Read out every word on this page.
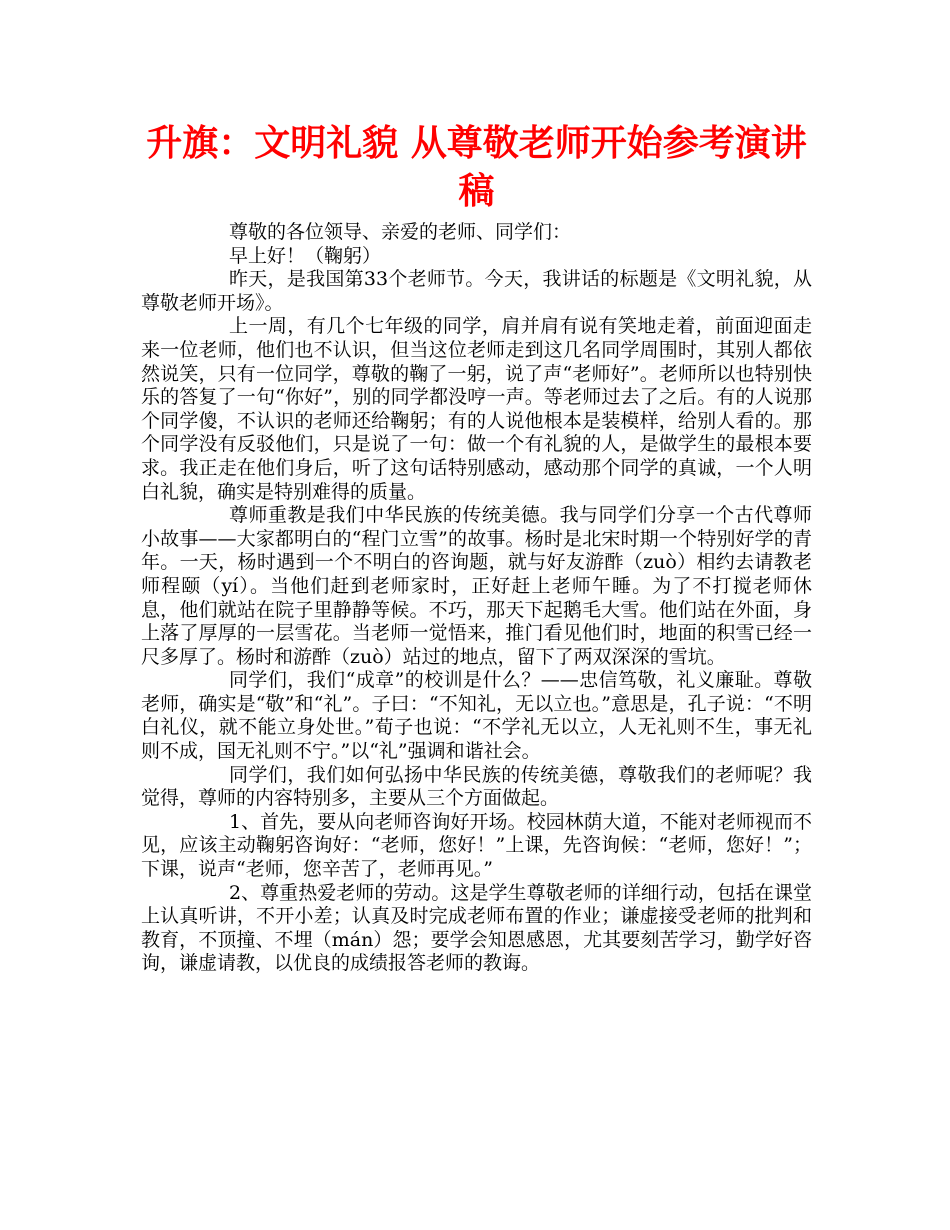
升旗：文明礼貌 从尊敬老师开始参考演讲稿

尊敬的各位领导、亲爱的老师、同学们：

早上好！（鞠躬）

昨天，是我国第33个老师节。今天，我讲话的标题是《文明礼貌，从尊敬老师开场》。

上一周，有几个七年级的同学，肩并肩有说有笑地走着，前面迎面走来一位老师，他们也不认识，但当这位老师走到这几名同学周围时，其别人都依然说笑，只有一位同学，尊敬的鞠了一躬，说了声“老师好”。老师所以也特别快乐的答复了一句“你好”，别的同学都没哼一声。等老师过去了之后。有的人说那个同学傻，不认识的老师还给鞠躬；有的人说他根本是装模样，给别人看的。那个同学没有反驳他们，只是说了一句：做一个有礼貌的人，是做学生的最根本要求。我正走在他们身后，听了这句话特别感动，感动那个同学的真诚，一个人明白礼貌，确实是特别难得的质量。

尊师重教是我们中华民族的传统美德。我与同学们分享一个古代尊师小故事——大家都明白的“程门立雪”的故事。杨时是北宋时期一个特别好学的青年。一天，杨时遇到一个不明白的咨询题，就与好友游酢（zuò）相约去请教老师程颐（yí）。当他们赶到老师家时，正好赶上老师午睡。为了不打搅老师休息，他们就站在院子里静静等候。不巧，那天下起鹅毛大雪。他们站在外面，身上落了厚厚的一层雪花。当老师一觉悟来，推门看见他们时，地面的积雪已经一尺多厚了。杨时和游酢（zuò）站过的地点，留下了两双深深的雪坑。

同学们，我们“成章”的校训是什么？——忠信笃敬，礼义廉耻。尊敬老师，确实是“敬”和“礼”。子曰：“不知礼，无以立也。”意思是，孔子说：“不明白礼仪，就不能立身处世。”荀子也说：“不学礼无以立，人无礼则不生，事无礼则不成，国无礼则不宁。”以“礼”强调和谐社会。

同学们，我们如何弘扬中华民族的传统美德，尊敬我们的老师呢？我觉得，尊师的内容特别多，主要从三个方面做起。

1、首先，要从向老师咨询好开场。校园林荫大道，不能对老师视而不见，应该主动鞠躬咨询好：“老师，您好！”上课，先咨询候：“老师，您好！”；下课，说声“老师，您辛苦了，老师再见。”

2、尊重热爱老师的劳动。这是学生尊敬老师的详细行动，包括在课堂上认真听讲，不开小差；认真及时完成老师布置的作业；谦虚接受老师的批判和教育，不顶撞、不埋（mán）怨；要学会知恩感恩，尤其要刻苦学习，勤学好咨询，谦虚请教，以优良的成绩报答老师的教诲。
